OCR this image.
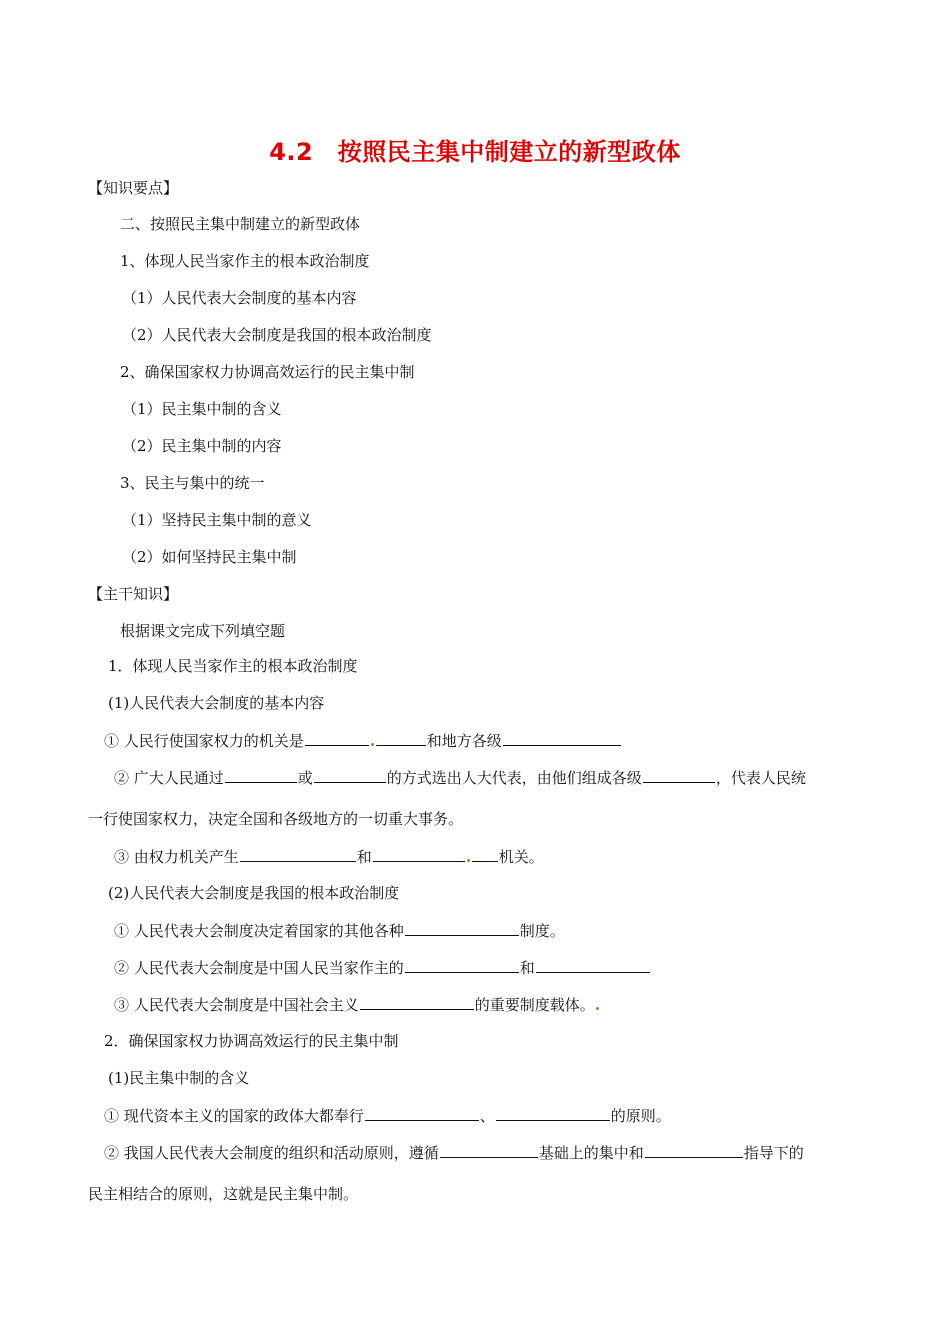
4.2　按照民主集中制建立的新型政体
【知识要点】
二、按照民主集中制建立的新型政体
1、体现人民当家作主的根本政治制度
（1）人民代表大会制度的基本内容
（2）人民代表大会制度是我国的根本政治制度
2、确保国家权力协调高效运行的民主集中制
（1）民主集中制的含义
（2）民主集中制的内容
3、民主与集中的统一
（1）坚持民主集中制的意义
（2）如何坚持民主集中制
【主干知识】
根据课文完成下列填空题
1．体现人民当家作主的根本政治制度
(1)人民代表大会制度的基本内容
① 人民行使国家权力的机关是	和地方各级
② 广大人民通过	或	的方式选出人大代表，由他们组成各级	，代表人民统
一行使国家权力，决定全国和各级地方的一切重大事务。
③ 由权力机关产生	和	机关。
(2)人民代表大会制度是我国的根本政治制度
① 人民代表大会制度决定着国家的其他各种	制度。
② 人民代表大会制度是中国人民当家作主的	和
③ 人民代表大会制度是中国社会主义	的重要制度载体。
2．确保国家权力协调高效运行的民主集中制
(1)民主集中制的含义
① 现代资本主义的国家的政体大都奉行	、	的原则。
② 我国人民代表大会制度的组织和活动原则，遵循	基础上的集中和	指导下的
民主相结合的原则，这就是民主集中制。
